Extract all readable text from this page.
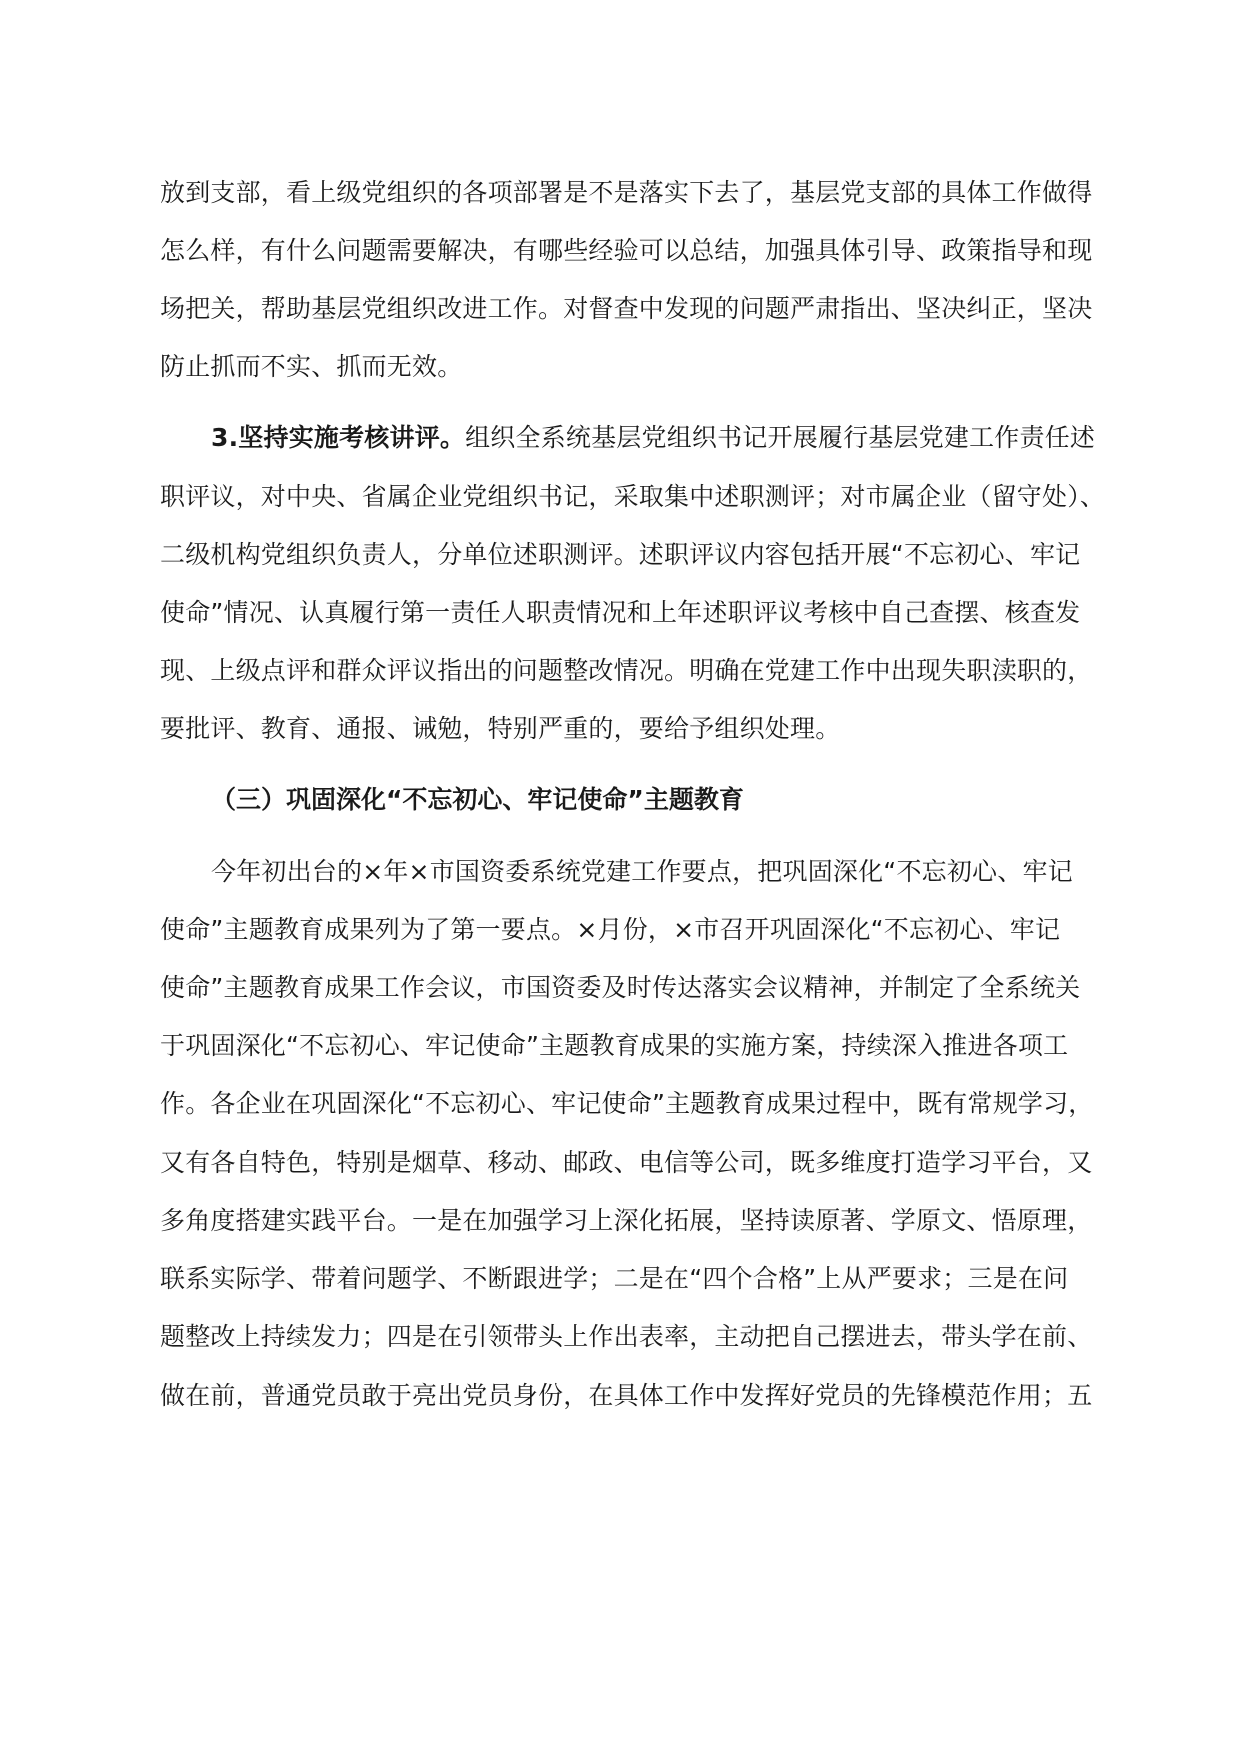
放到支部，看上级党组织的各项部署是不是落实下去了，基层党支部的具体工作做得
怎么样，有什么问题需要解决，有哪些经验可以总结，加强具体引导、政策指导和现
场把关，帮助基层党组织改进工作。对督查中发现的问题严肃指出、坚决纠正，坚决
防止抓而不实、抓而无效。
3.坚持实施考核讲评。组织全系统基层党组织书记开展履行基层党建工作责任述
职评议，对中央、省属企业党组织书记，采取集中述职测评；对市属企业（留守处）、
二级机构党组织负责人，分单位述职测评。述职评议内容包括开展“不忘初心、牢记
使命”情况、认真履行第一责任人职责情况和上年述职评议考核中自己查摆、核查发
现、上级点评和群众评议指出的问题整改情况。明确在党建工作中出现失职渎职的，
要批评、教育、通报、诫勉，特别严重的，要给予组织处理。
（三）巩固深化“不忘初心、牢记使命”主题教育
今年初出台的×年×市国资委系统党建工作要点，把巩固深化“不忘初心、牢记
使命”主题教育成果列为了第一要点。×月份，×市召开巩固深化“不忘初心、牢记
使命”主题教育成果工作会议，市国资委及时传达落实会议精神，并制定了全系统关
于巩固深化“不忘初心、牢记使命”主题教育成果的实施方案，持续深入推进各项工
作。各企业在巩固深化“不忘初心、牢记使命”主题教育成果过程中，既有常规学习，
又有各自特色，特别是烟草、移动、邮政、电信等公司，既多维度打造学习平台，又
多角度搭建实践平台。一是在加强学习上深化拓展，坚持读原著、学原文、悟原理，
联系实际学、带着问题学、不断跟进学；二是在“四个合格”上从严要求；三是在问
题整改上持续发力；四是在引领带头上作出表率，主动把自己摆进去，带头学在前、
做在前，普通党员敢于亮出党员身份，在具体工作中发挥好党员的先锋模范作用；五
